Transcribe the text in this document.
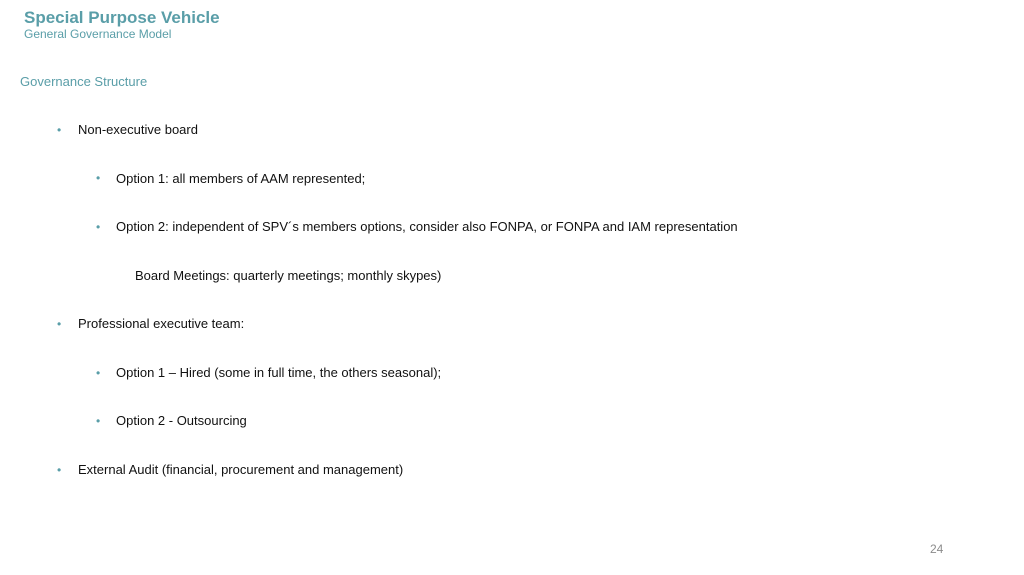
Special Purpose Vehicle
General Governance Model
Governance Structure
• Non-executive board
• Option 1: all members of AAM represented;
• Option 2: independent of SPV´s members options, consider also FONPA, or FONPA and IAM representation
Board Meetings: quarterly meetings; monthly skypes)
• Professional executive team:
• Option 1 – Hired (some in full time, the others seasonal);
• Option 2 - Outsourcing
• External Audit (financial, procurement and management)
24
